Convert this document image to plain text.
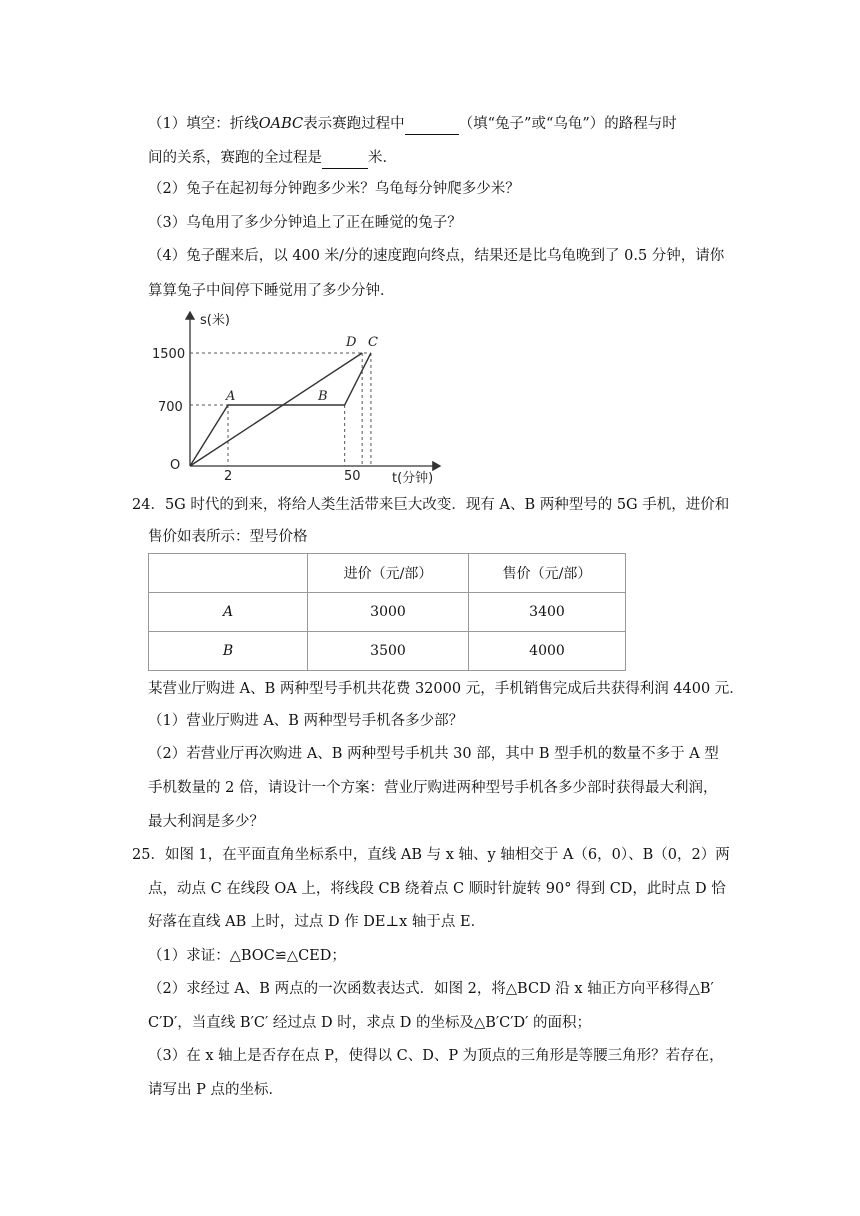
（1）填空：折线OABC表示赛跑过程中	（填“兔子”或“乌龟”）的路程与时
间的关系，赛跑的全过程是	米．
（2）兔子在起初每分钟跑多少米？乌龟每分钟爬多少米？
（3）乌龟用了多少分钟追上了正在睡觉的兔子？
（4）兔子醒来后，以 400 米/分的速度跑向终点，结果还是比乌龟晚到了 0.5 分钟，请你
算算兔子中间停下睡觉用了多少分钟．
s(米)
t(分钟)
O
1500
700
2	50
A	B
C
D
24．5G 时代的到来，将给人类生活带来巨大改变．现有 A、B 两种型号的 5G 手机，进价和
售价如表所示：型号价格
	进价（元/部）	售价（元/部）
A	3000	3400
B	3500	4000
某营业厅购进 A、B 两种型号手机共花费 32000 元，手机销售完成后共获得利润 4400 元．
（1）营业厅购进 A、B 两种型号手机各多少部？
（2）若营业厅再次购进 A、B 两种型号手机共 30 部，其中 B 型手机的数量不多于 A 型
手机数量的 2 倍，请设计一个方案：营业厅购进两种型号手机各多少部时获得最大利润，
最大利润是多少？
25．如图 1，在平面直角坐标系中，直线 AB 与 x 轴、y 轴相交于 A（6，0）、B（0，2）两
点，动点 C 在线段 OA 上，将线段 CB 绕着点 C 顺时针旋转 90° 得到 CD，此时点 D 恰
好落在直线 AB 上时，过点 D 作 DE⊥x 轴于点 E．
（1）求证：△BOC≌△CED；
（2）求经过 A、B 两点的一次函数表达式．如图 2，将△BCD 沿 x 轴正方向平移得△B′
C′D′，当直线 B′C′ 经过点 D 时，求点 D 的坐标及△B′C′D′ 的面积；
（3）在 x 轴上是否存在点 P，使得以 C、D、P 为顶点的三角形是等腰三角形？若存在，
请写出 P 点的坐标．
